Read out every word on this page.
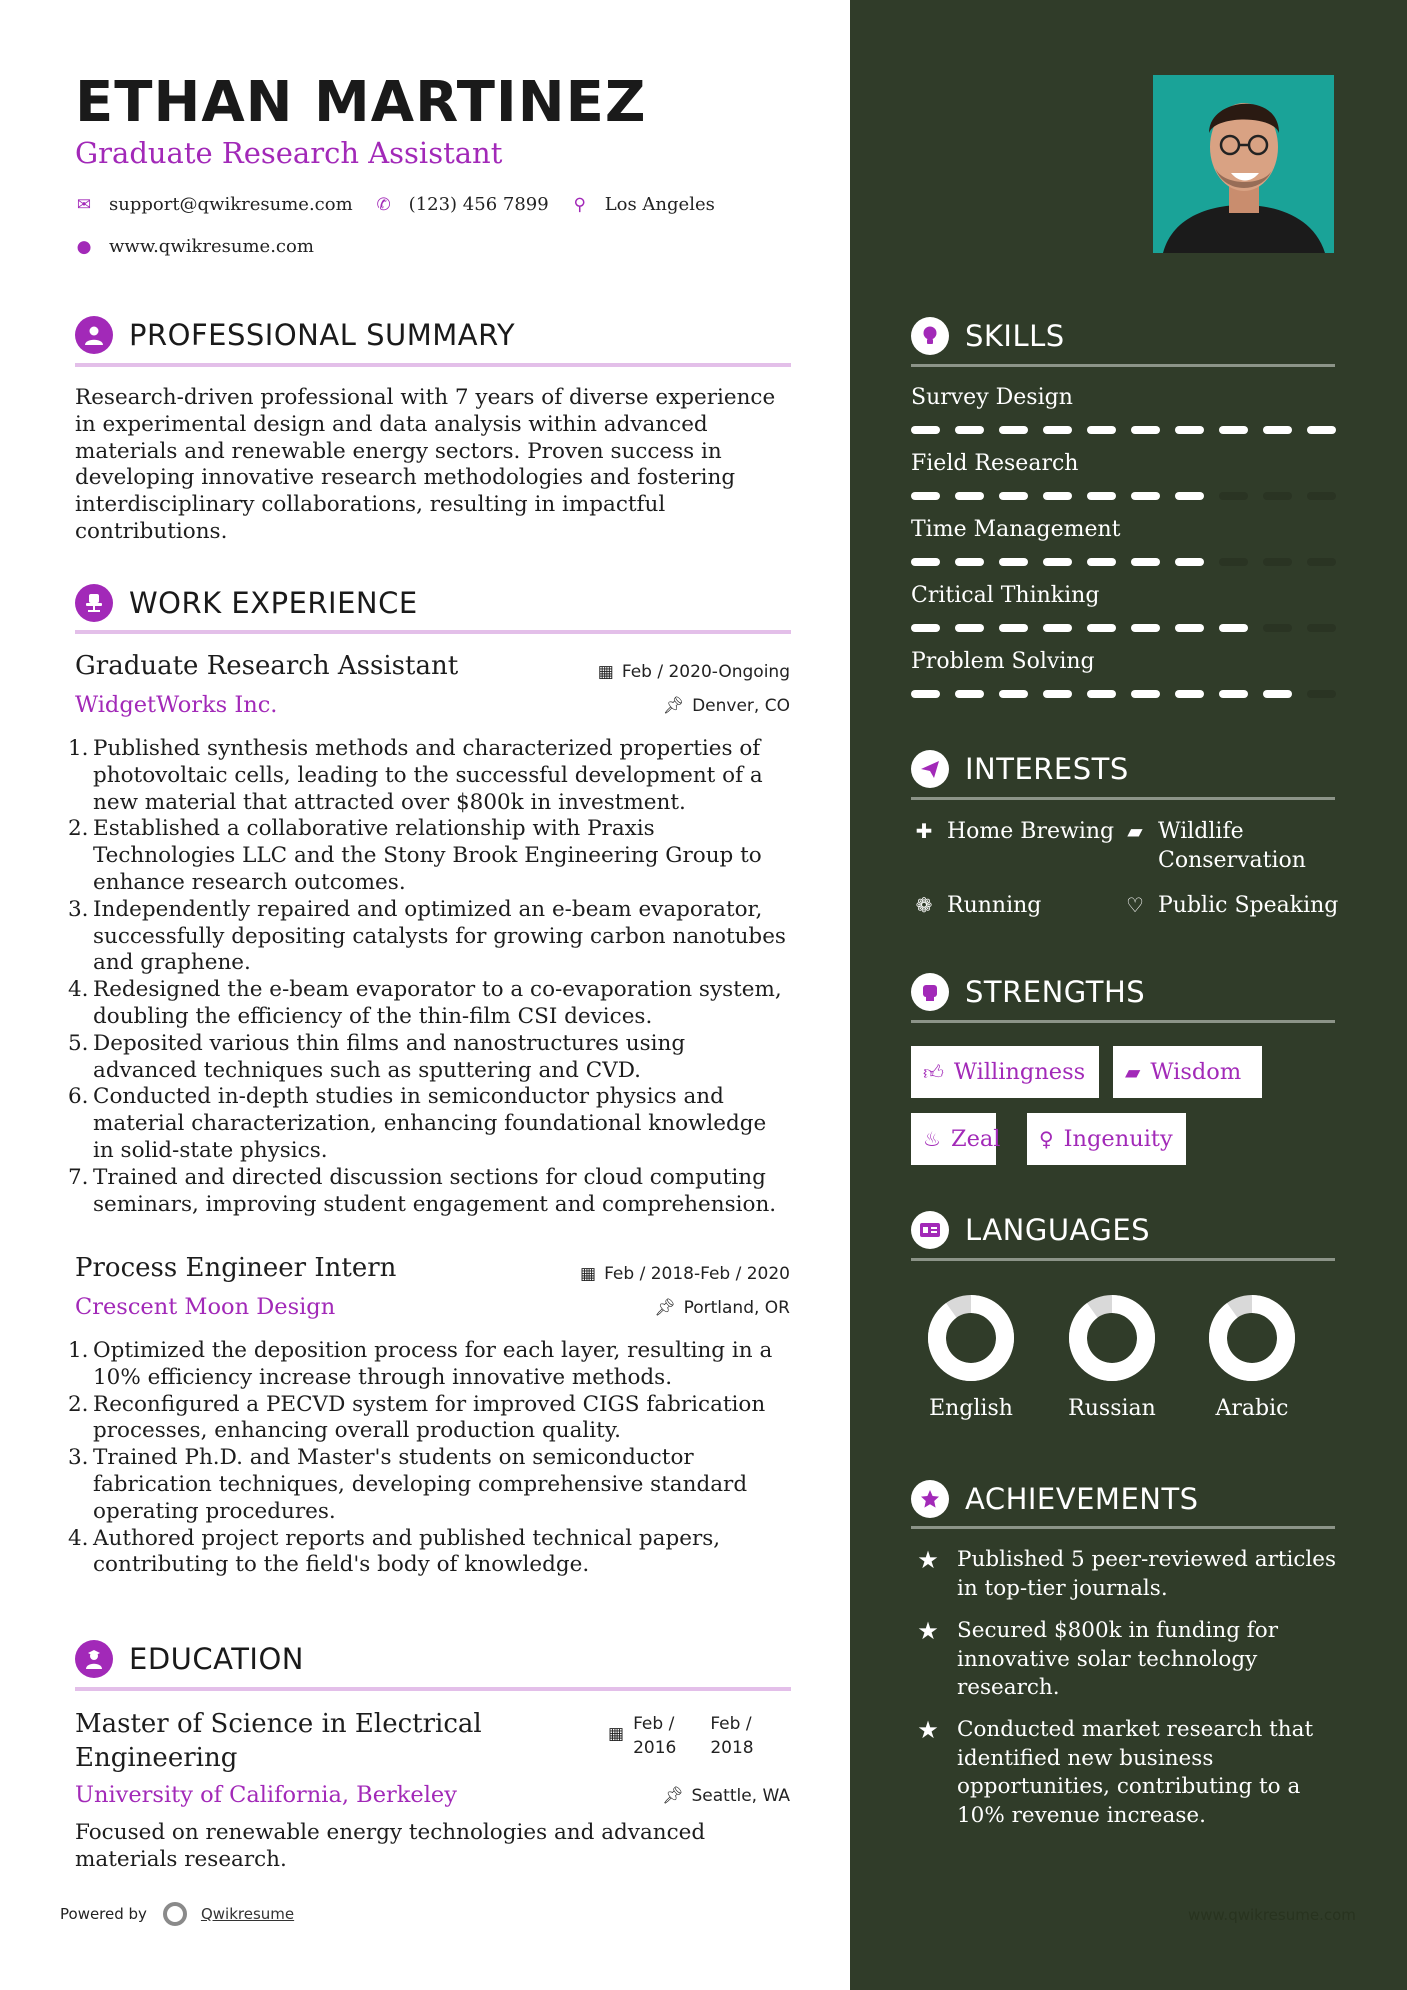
ETHAN MARTINEZ
Graduate Research Assistant
✉ support@qwikresume.com ✆ (123) 456 7899 ⚲ Los Angeles
● www.qwikresume.com
PROFESSIONAL SUMMARY
Research-driven professional with 7 years of diverse experience in experimental design and data analysis within advanced materials and renewable energy sectors. Proven success in developing innovative research methodologies and fostering interdisciplinary collaborations, resulting in impactful contributions.
WORK EXPERIENCE
Graduate Research Assistant	▦ Feb / 2020-Ongoing
WidgetWorks Inc.	📌︎ Denver, CO
1. Published synthesis methods and characterized properties of photovoltaic cells, leading to the successful development of a new material that attracted over $800k in investment.
2. Established a collaborative relationship with Praxis Technologies LLC and the Stony Brook Engineering Group to enhance research outcomes.
3. Independently repaired and optimized an e-beam evaporator, successfully depositing catalysts for growing carbon nanotubes and graphene.
4. Redesigned the e-beam evaporator to a co-evaporation system, doubling the efficiency of the thin-film CSI devices.
5. Deposited various thin films and nanostructures using advanced techniques such as sputtering and CVD.
6. Conducted in-depth studies in semiconductor physics and material characterization, enhancing foundational knowledge in solid-state physics.
7. Trained and directed discussion sections for cloud computing seminars, improving student engagement and comprehension.
Process Engineer Intern	▦ Feb / 2018-Feb / 2020
Crescent Moon Design	📌︎ Portland, OR
1. Optimized the deposition process for each layer, resulting in a 10% efficiency increase through innovative methods.
2. Reconfigured a PECVD system for improved CIGS fabrication processes, enhancing overall production quality.
3. Trained Ph.D. and Master's students on semiconductor fabrication techniques, developing comprehensive standard operating procedures.
4. Authored project reports and published technical papers, contributing to the field's body of knowledge.
EDUCATION
Master of Science in Electrical
Engineering
▦ Feb /
2016
Feb /
2018
University of California, Berkeley	📌︎ Seattle, WA
Focused on renewable energy technologies and advanced materials research.
Powered by	Qwikresume
SKILLS
Survey Design
Field Research
Time Management
Critical Thinking
Problem Solving
INTERESTS
✚ Home Brewing ▰ Wildlife
Conservation
❁ Running	♡ Public Speaking
STRENGTHS
👍︎ Willingness ▰ Wisdom
♨ Zeal ♀ Ingenuity
LANGUAGES
English	Russian	Arabic
ACHIEVEMENTS
★ Published 5 peer-reviewed articles
in top-tier journals.
★ Secured $800k in funding for
innovative solar technology
research.
★ Conducted market research that
identified new business
opportunities, contributing to a
10% revenue increase.
www.qwikresume.com
